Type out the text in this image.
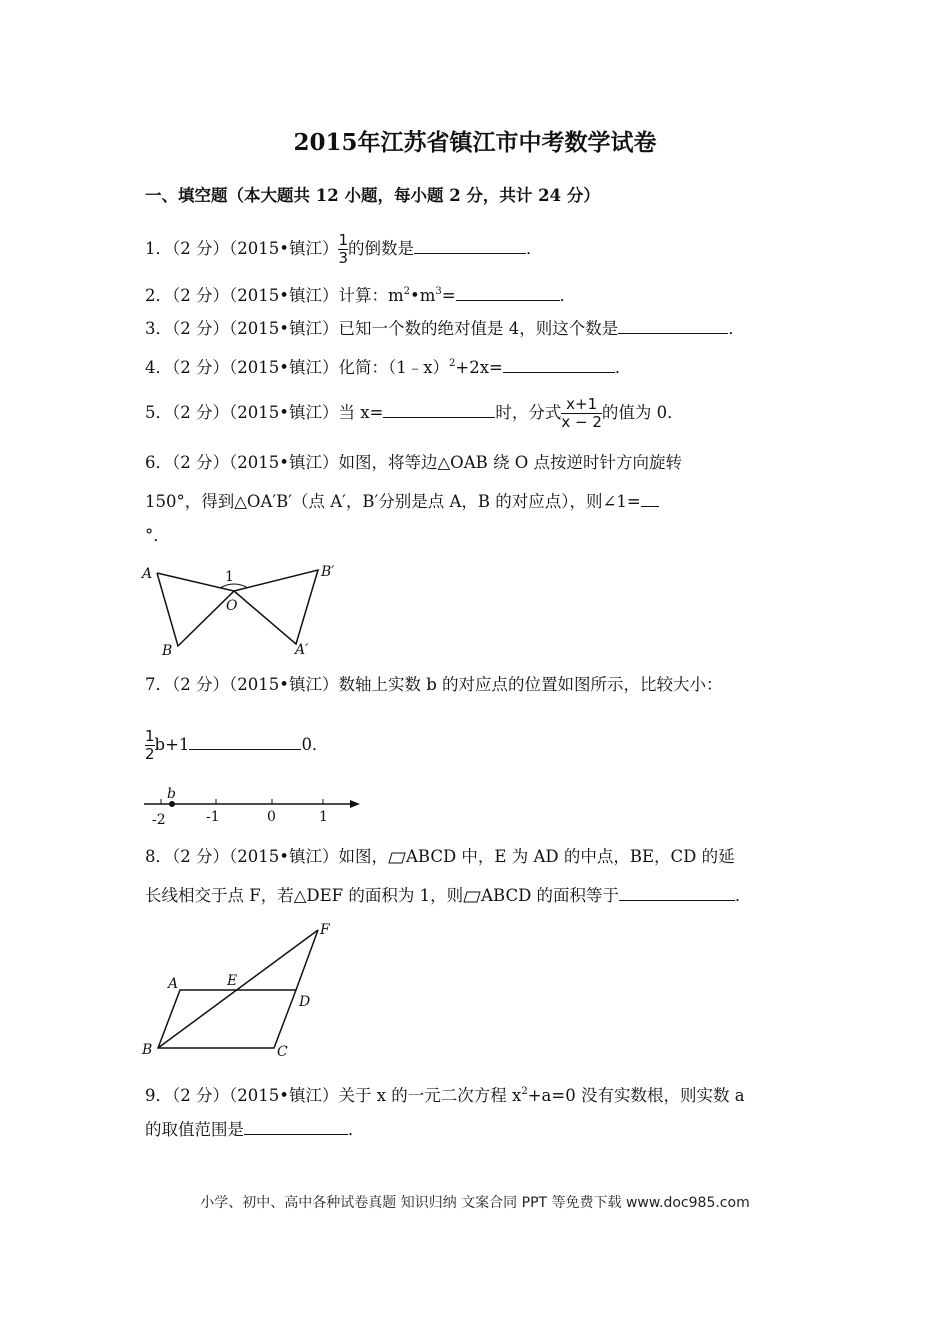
2015年江苏省镇江市中考数学试卷
一、填空题（本大题共 12 小题，每小题 2 分，共计 24 分）
1．（2 分）（2015•镇江） $\frac{1}{3}$ 的倒数是	．
2．（2 分）（2015•镇江）计算：$m^2•m^3=$	．
3．（2 分）（2015•镇江）已知一个数的绝对值是 4，则这个数是	．
4．（2 分）（2015•镇江）化简：（1﹣x）$^2$+2x=	．
5．（2 分）（2015•镇江）当 x=	时，分式 $\frac{x+1}{x - 2}$ 的值为 0．
6．（2 分）（2015•镇江）如图，将等边△OAB 绕 O 点按逆时针方向旋转
150°，得到△OA′B′（点 A′，B′分别是点 A，B 的对应点），则∠1=
°．
A
B
O
B′
A′
1
7．（2 分）（2015•镇江）数轴上实数 b 的对应点的位置如图所示，比较大小：
$\frac{1}{2} b+1$	0．
b
-2	-1	0	1
8．（2 分）（2015•镇江）如图， ABCD 中，E 为 AD 的中点，BE，CD 的延
长线相交于点 F，若△DEF 的面积为 1，则 ABCD 的面积等于	．
A
B	C
D
E
F
9．（2 分）（2015•镇江）关于 x 的一元二次方程 $x^2+a=0$ 没有实数根，则实数 a
的取值范围是	．
小学、初中、高中各种试卷真题 知识归纳 文案合同 PPT 等免费下载 www.doc985.com
